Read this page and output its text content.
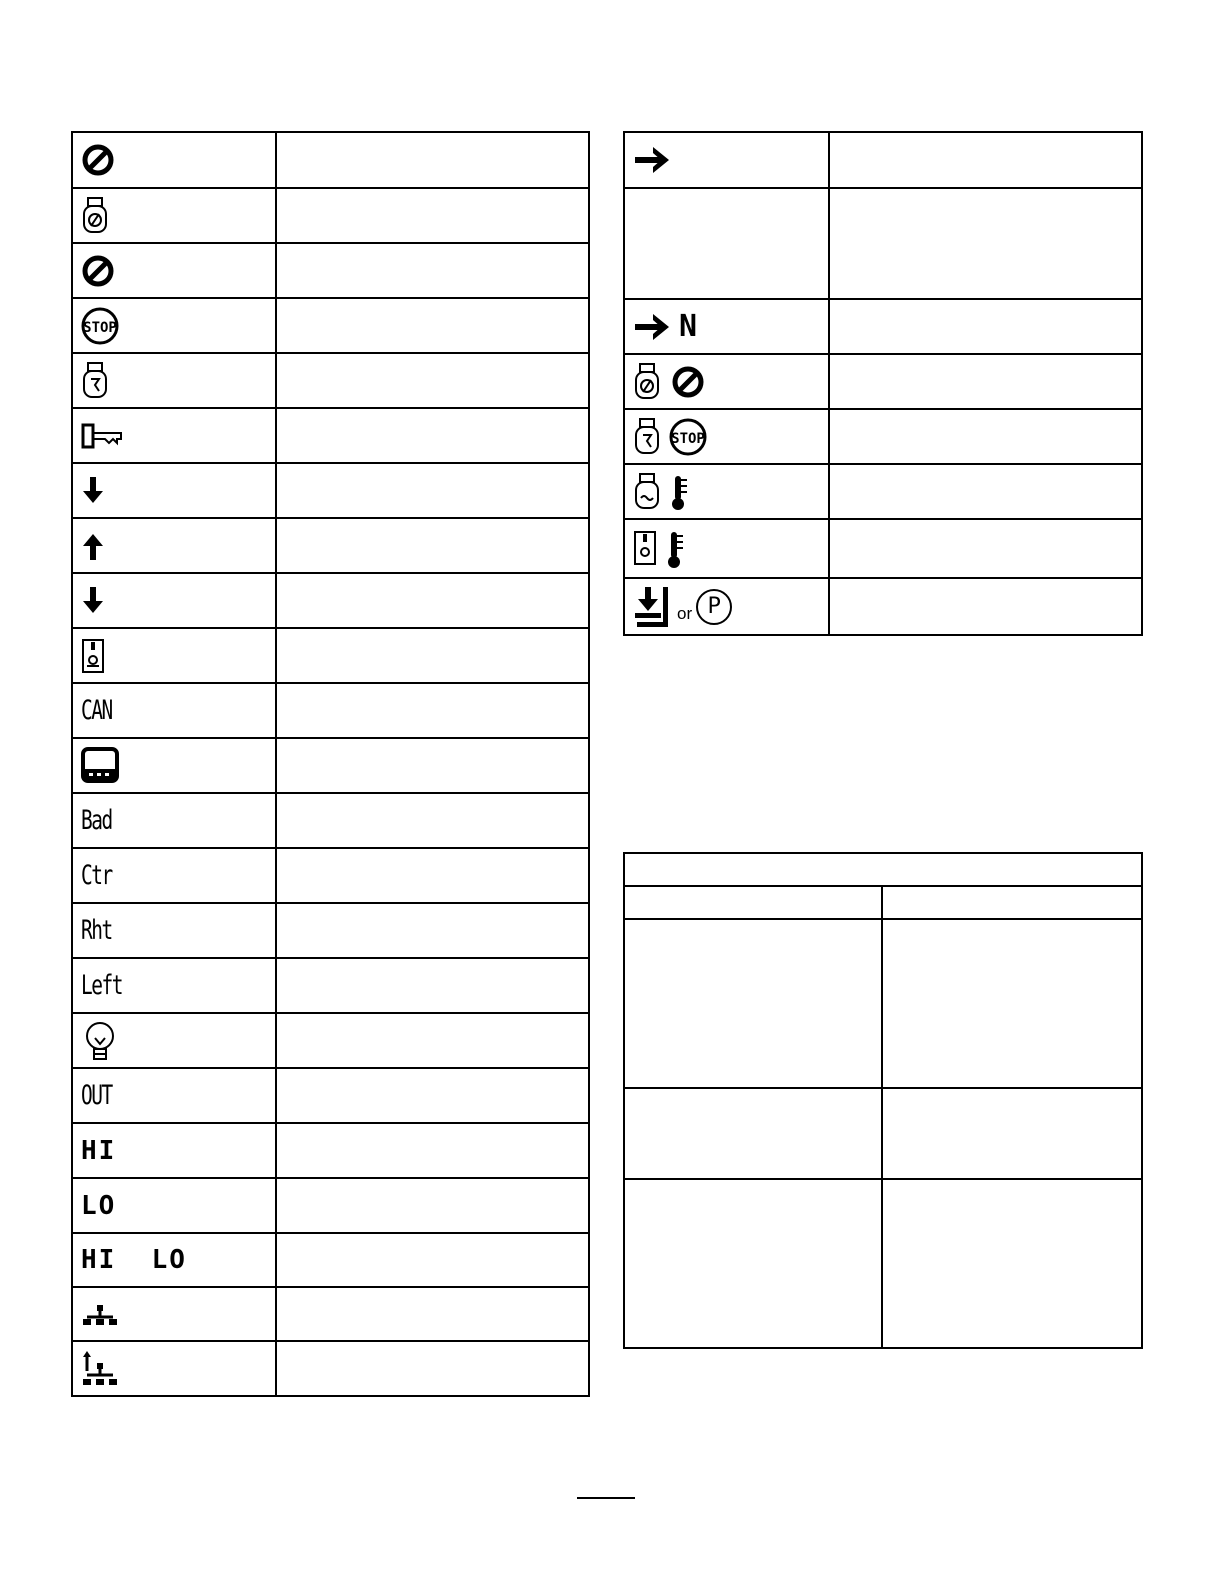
STOP	

CAN	

Bad	

Ctr	

Rht	

Left	

OUT	

HI	

LO	

HI  LO	

N	

STOP	

or P	
